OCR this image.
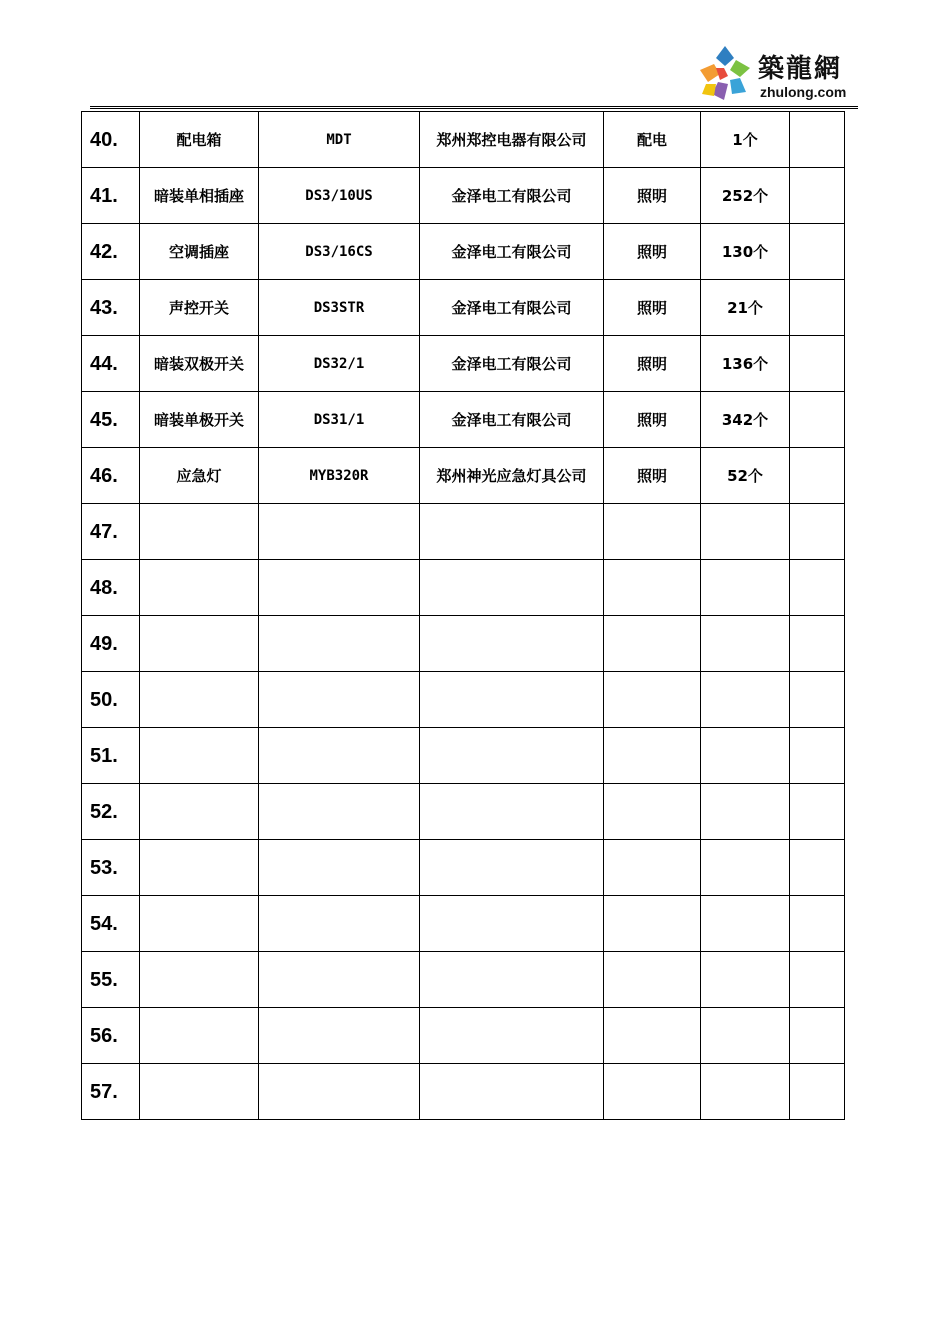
築龍網
zhulong.com
40.	配电箱	MDT	郑州郑控电器有限公司	配电	1个	
41.	暗装单相插座	DS3/10US	金泽电工有限公司	照明	252个	
42.	空调插座	DS3/16CS	金泽电工有限公司	照明	130个	
43.	声控开关	DS3STR	金泽电工有限公司	照明	21个	
44.	暗装双极开关	DS32/1	金泽电工有限公司	照明	136个	
45.	暗装单极开关	DS31/1	金泽电工有限公司	照明	342个	
46.	应急灯	MYB320R	郑州神光应急灯具公司	照明	52个	
47.						
48.						
49.						
50.						
51.						
52.						
53.						
54.						
55.						
56.						
57.						
